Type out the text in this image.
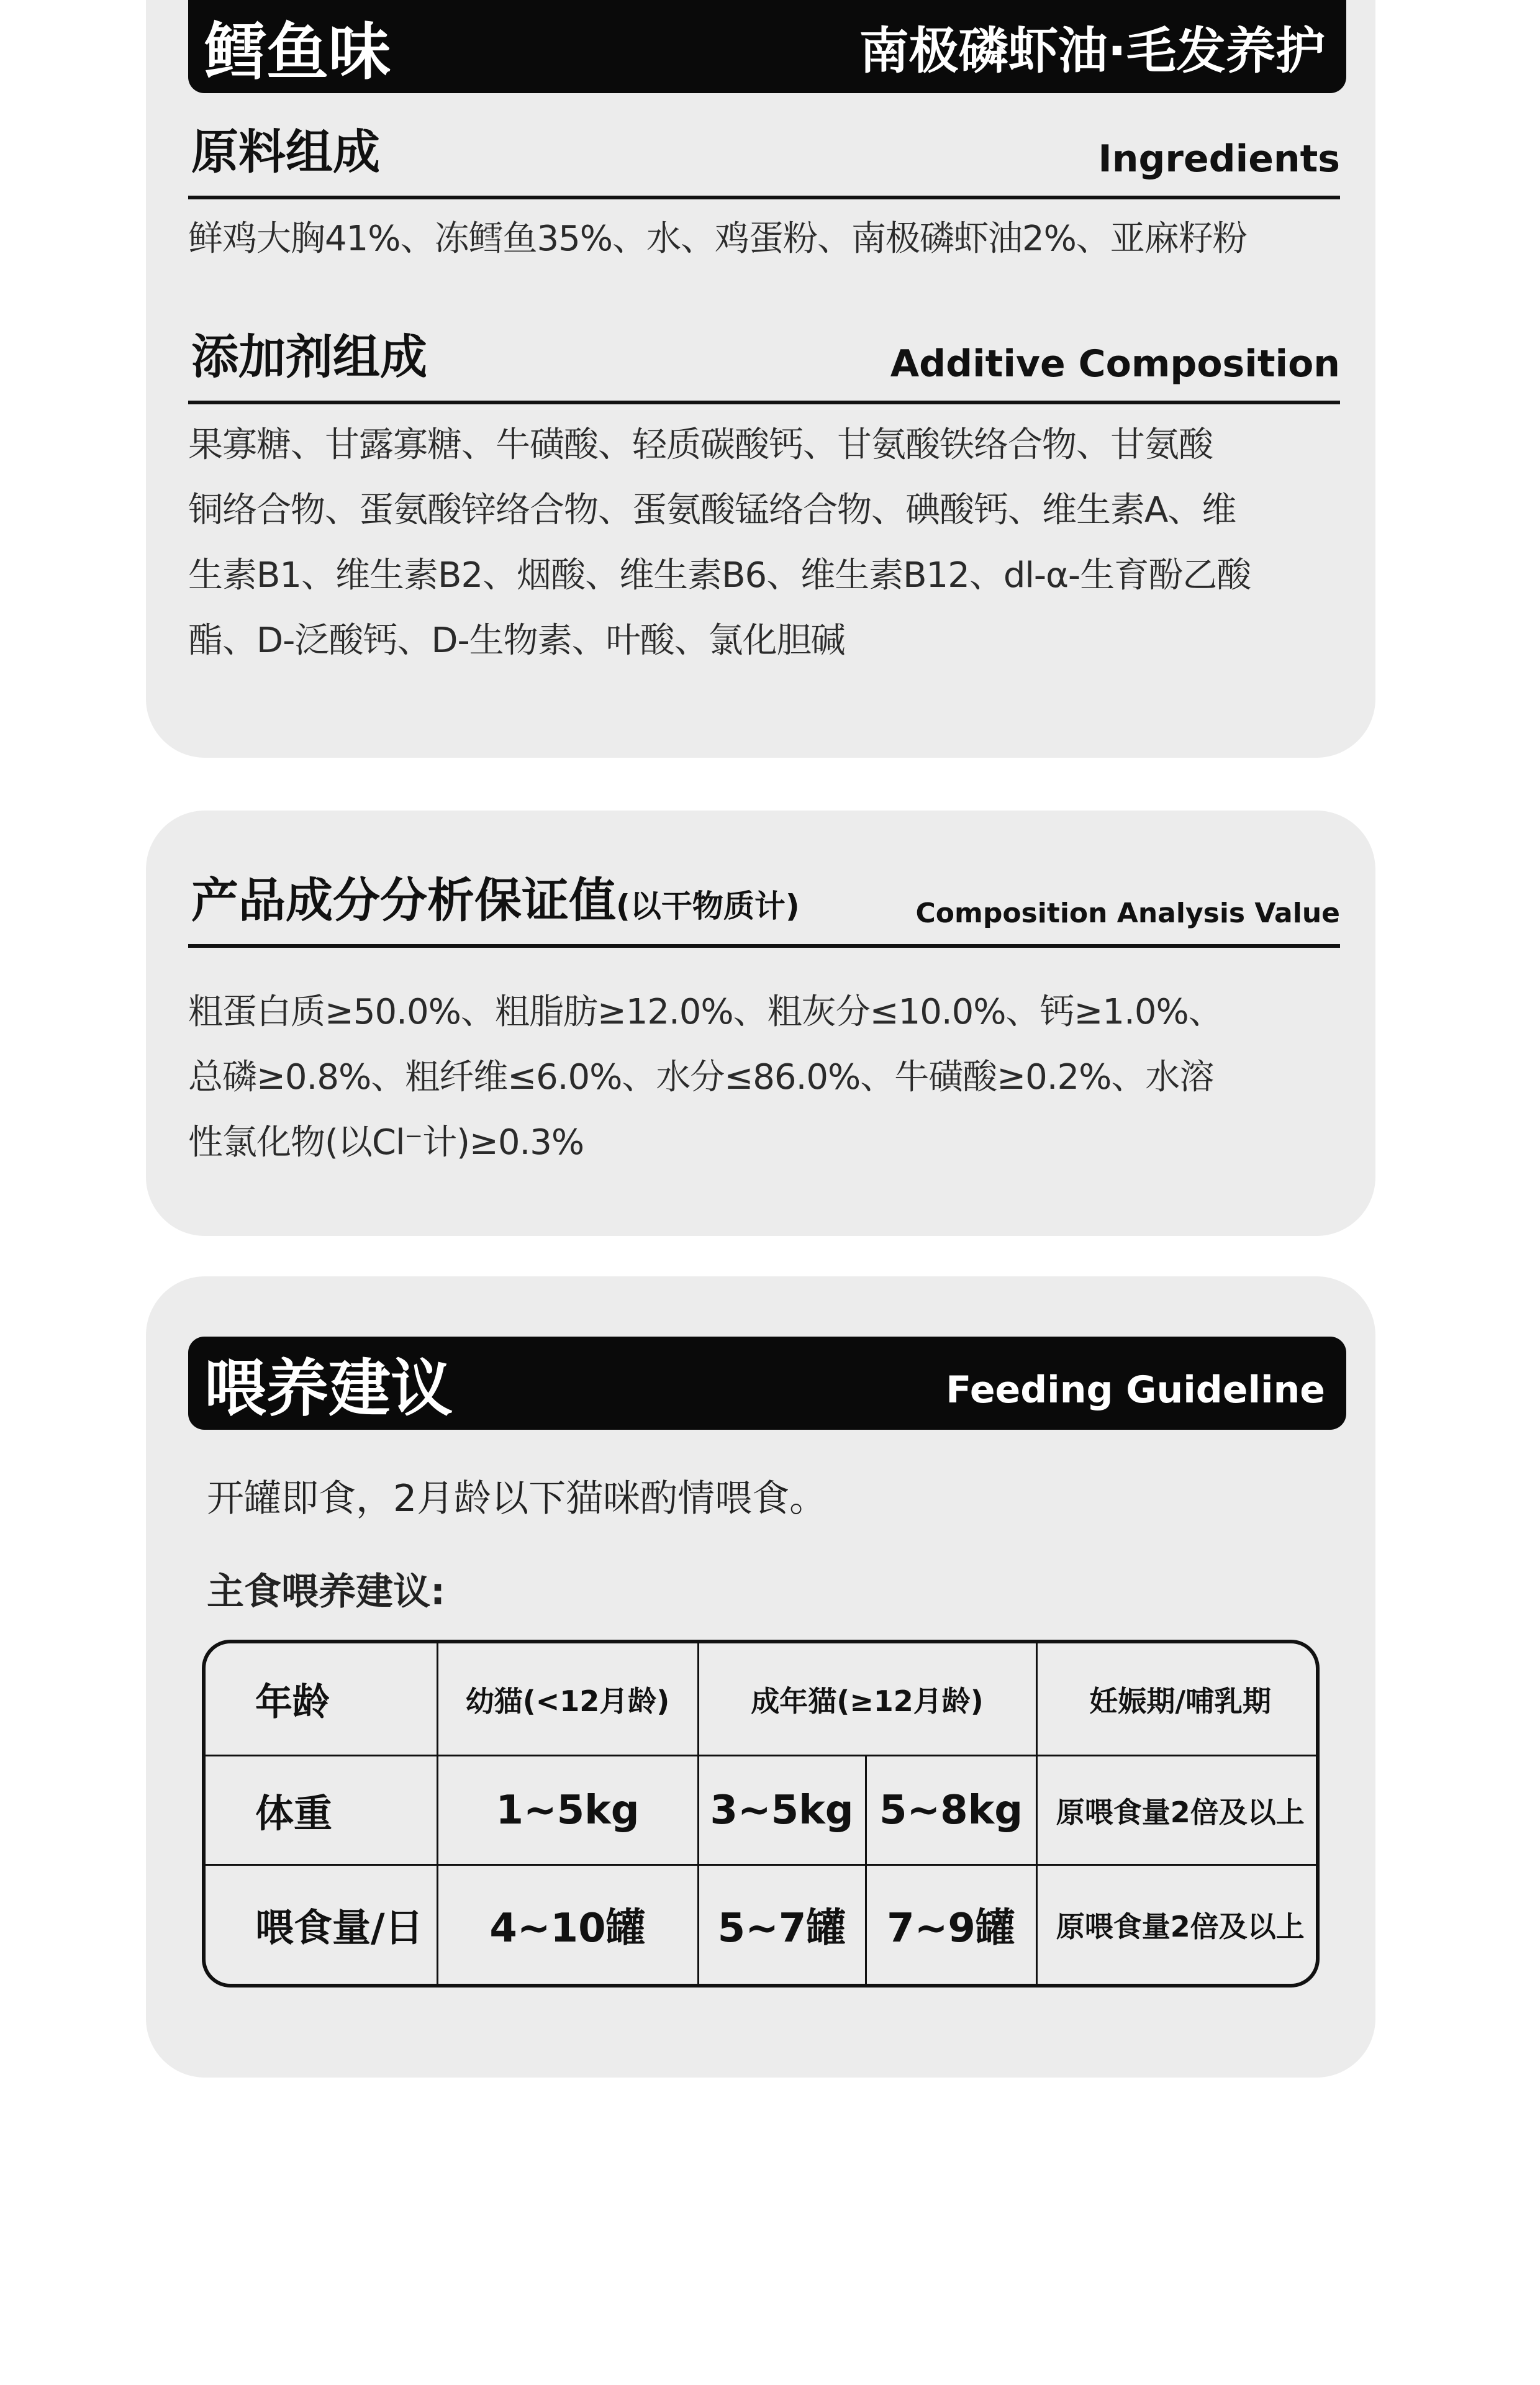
鳕鱼味	南极磷虾油·毛发养护
原料组成	Ingredients
鲜鸡大胸41%、冻鳕鱼35%、水、鸡蛋粉、南极磷虾油2%、亚麻籽粉
添加剂组成	Additive Composition
果寡糖、甘露寡糖、牛磺酸、轻质碳酸钙、甘氨酸铁络合物、甘氨酸
铜络合物、蛋氨酸锌络合物、蛋氨酸锰络合物、碘酸钙、维生素A、维
生素B1、维生素B2、烟酸、维生素B6、维生素B12、dl-α-生育酚乙酸
酯、D-泛酸钙、D-生物素、叶酸、氯化胆碱
产品成分分析保证值(以干物质计)	Composition Analysis Value
粗蛋白质≥50.0%、粗脂肪≥12.0%、粗灰分≤10.0%、钙≥1.0%、
总磷≥0.8%、粗纤维≤6.0%、水分≤86.0%、牛磺酸≥0.2%、水溶
性氯化物(以Cl⁻计)≥0.3%
喂养建议	Feeding Guideline
开罐即食，2月龄以下猫咪酌情喂食。
主食喂养建议:
年龄	幼猫(<12月龄)	成年猫(≥12月龄)		妊娠期/哺乳期
体重	1~5kg	3~5kg	5~8kg	原喂食量2倍及以上
喂食量/日	4~10罐	5~7罐	7~9罐	原喂食量2倍及以上
